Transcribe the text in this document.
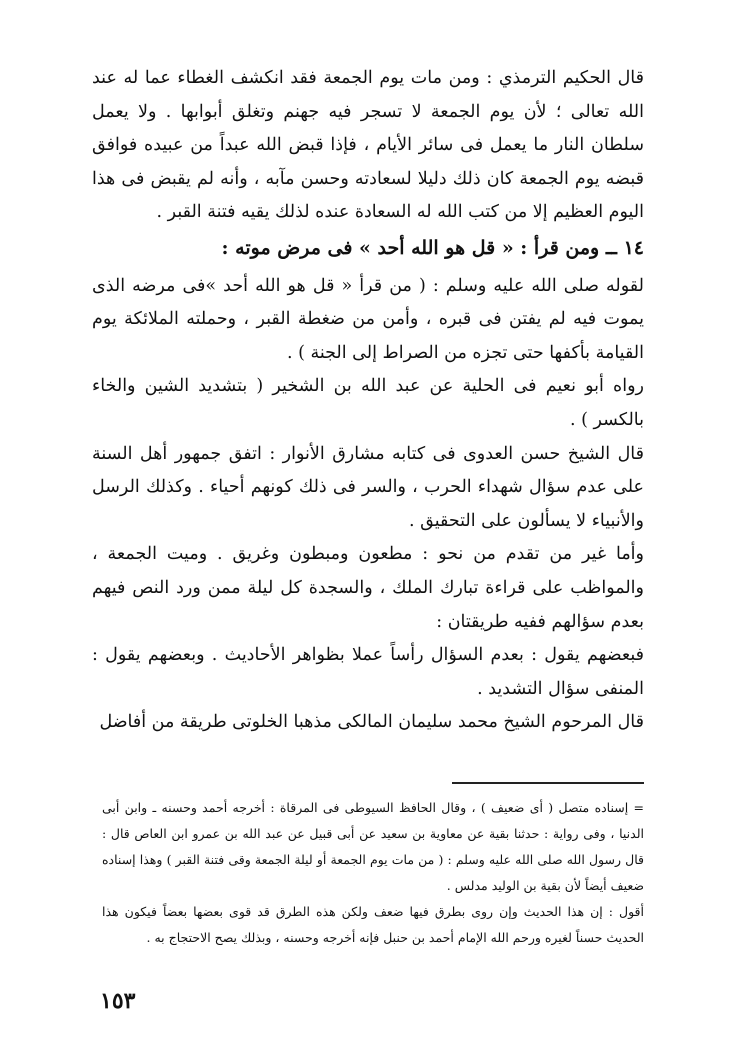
قال الحكيم الترمذي : ومن مات يوم الجمعة فقد انكشف الغطاء عما له عند الله تعالى ؛ لأن يوم الجمعة لا تسجر فيه جهنم وتغلق أبوابها . ولا يعمل سلطان النار ما يعمل فى سائر الأيام ، فإذا قبض الله عبداً من عبيده فوافق قبضه يوم الجمعة كان ذلك دليلا لسعادته وحسن مآبه ، وأنه لم يقبض فى هذا اليوم العظيم إلا من كتب الله له السعادة عنده لذلك يقيه فتنة القبر .

١٤ ــ ومن قرأ : « قل هو الله أحد » فى مرض موته :

لقوله صلى الله عليه وسلم : ( من قرأ « قل هو الله أحد »فى مرضه الذى يموت فيه لم يفتن فى قبره ، وأمن من ضغطة القبر ، وحملته الملائكة يوم القيامة بأكفها حتى تجزه من الصراط إلى الجنة ) .

رواه أبو نعيم فى الحلية عن عبد الله بن الشخير ( بتشديد الشين والخاء بالكسر ) .

قال الشيخ حسن العدوى فى كتابه مشارق الأنوار : اتفق جمهور أهل السنة على عدم سؤال شهداء الحرب ، والسر فى ذلك كونهم أحياء . وكذلك الرسل والأنبياء لا يسألون على التحقيق .

وأما غير من تقدم من نحو : مطعون ومبطون وغريق . وميت الجمعة ، والمواظب على قراءة تبارك الملك ، والسجدة كل ليلة ممن ورد النص فيهم بعدم سؤالهم ففيه طريقتان :

فبعضهم يقول : بعدم السؤال رأساً عملا بظواهر الأحاديث . وبعضهم يقول : المنفى سؤال التشديد .

قال المرحوم الشيخ محمد سليمان المالكى مذهبا الخلوتى طريقة من أفاضل

= إسناده متصل ( أى ضعيف ) ، وقال الحافظ السيوطى فى المرقاة : أخرجه أحمد وحسنه ـ وابن أبى الدنيا ، وفى رواية : حدثنا بقية عن معاوية بن سعيد عن أبى قبيل عن عبد الله بن عمرو ابن العاص قال : قال رسول الله صلى الله عليه وسلم : ( من مات يوم الجمعة أو ليلة الجمعة وقى فتنة القبر ) وهذا إسناده ضعيف أيضاً لأن بقية بن الوليد مدلس .

أقول : إن هذا الحديث وإن روى بطرق فيها ضعف ولكن هذه الطرق قد قوى بعضها بعضاً فيكون هذا الحديث حسناً لغيره ورحم الله الإمام أحمد بن حنبل فإنه أخرجه وحسنه ، وبذلك يصح الاحتجاج به .

١٥٣
